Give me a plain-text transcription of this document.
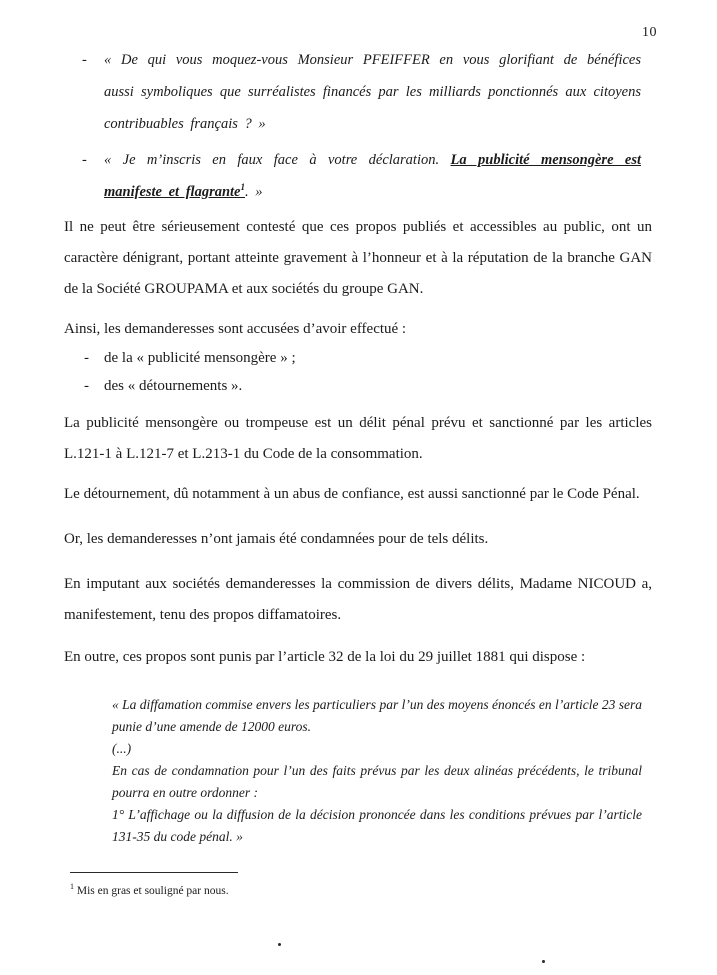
10
- « De qui vous moquez-vous Monsieur PFEIFFER en vous glorifiant de bénéfices aussi symboliques que surréalistes financés par les milliards ponctionnés aux citoyens contribuables français ? »
- « Je m’inscris en faux face à votre déclaration. La publicité mensongère est manifeste et flagrante$^1$. »

Il ne peut être sérieusement contesté que ces propos publiés et accessibles au public, ont un caractère dénigrant, portant atteinte gravement à l’honneur et à la réputation de la branche GAN de la Société GROUPAMA et aux sociétés du groupe GAN.

Ainsi, les demanderesses sont accusées d’avoir effectué :

- de la « publicité mensongère » ;
- des « détournements ».

La publicité mensongère ou trompeuse est un délit pénal prévu et sanctionné par les articles L.121-1 à L.121-7 et L.213-1 du Code de la consommation.

Le détournement, dû notamment à un abus de confiance, est aussi sanctionné par le Code Pénal.

Or, les demanderesses n’ont jamais été condamnées pour de tels délits.

En imputant aux sociétés demanderesses la commission de divers délits, Madame NICOUD a, manifestement, tenu des propos diffamatoires.

En outre, ces propos sont punis par l’article 32 de la loi du 29 juillet 1881 qui dispose :

« La diffamation commise envers les particuliers par l’un des moyens énoncés en l’article 23 sera punie d’une amende de 12000 euros.

(...)

En cas de condamnation pour l’un des faits prévus par les deux alinéas précédents, le tribunal pourra en outre ordonner :

1° L’affichage ou la diffusion de la décision prononcée dans les conditions prévues par l’article 131-35 du code pénal. »

$^1$ Mis en gras et souligné par nous.
